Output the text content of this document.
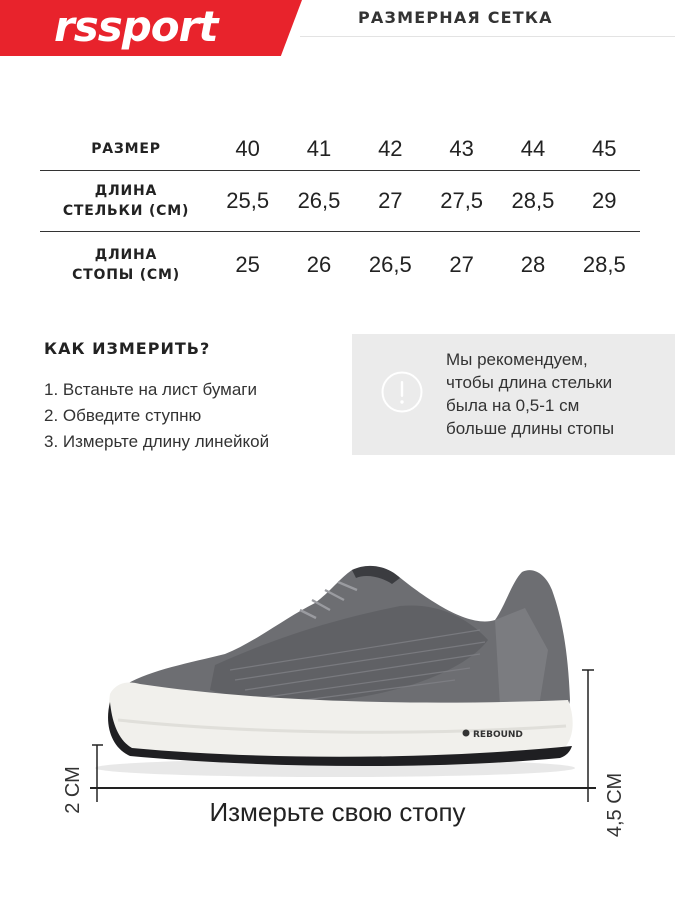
rssport	РАЗМЕРНАЯ СЕТКА
РАЗМЕР	40	41	42	43	44	45
ДЛИНА
СТЕЛЬКИ (СМ)	25,5	26,5	27	27,5	28,5	29
ДЛИНА
СТОПЫ (СМ)	25	26	26,5	27	28	28,5
КАК ИЗМЕРИТЬ?
1. Встаньте на лист бумаги
2. Обведите ступню
3. Измерьте длину линейкой
Мы рекомендуем,
чтобы длина стельки
была на 0,5-1 см
больше длины стопы
REBOUND
2 СМ	4,5 СМ
Измерьте свою стопу
